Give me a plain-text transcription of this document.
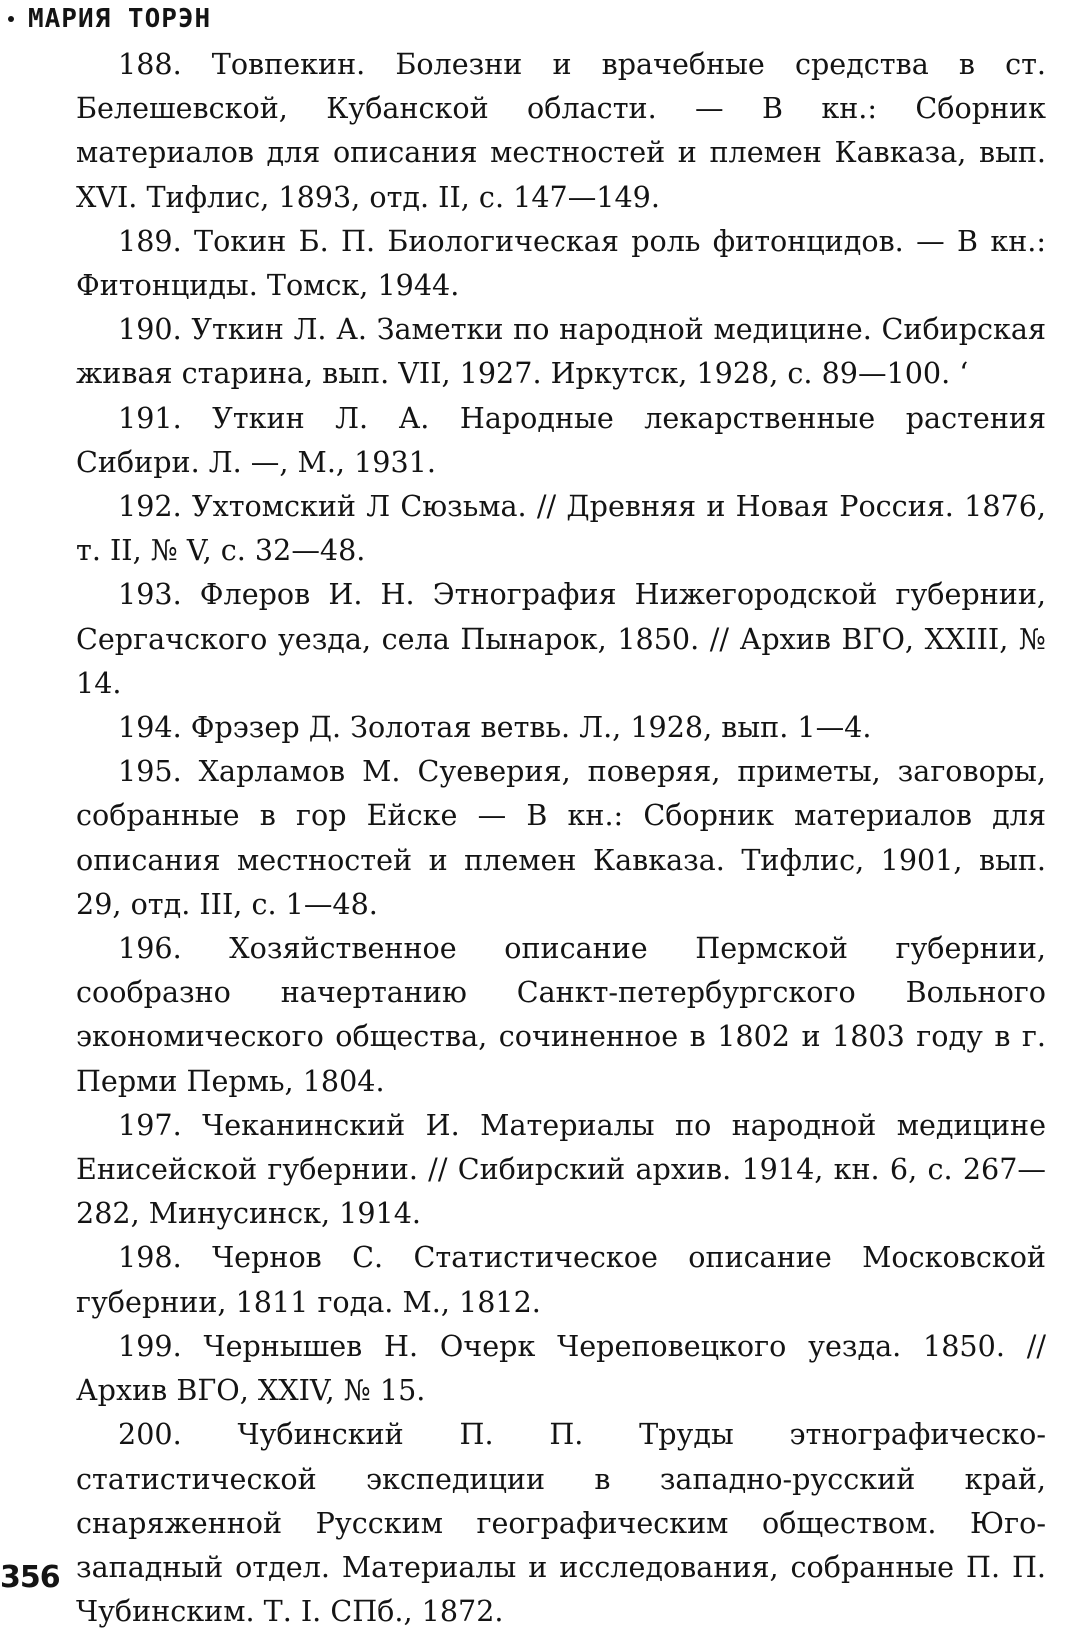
МАРИЯ ТОРЭН

188. Товпекин. Болезни и врачебные средства в ст. Белешевской, Кубанской области. — В кн.: Сборник материалов для описания местностей и племен Кавказа, вып. XVI. Тифлис, 1893, отд. II, с. 147—149.

189. Токин Б. П. Биологическая роль фитонцидов. — В кн.: Фитонциды. Томск, 1944.

190. Уткин Л. А. Заметки по народной медицине. Сибирская живая старина, вып. VII, 1927. Иркутск, 1928, с. 89—100. ‘

191. Уткин Л. А. Народные лекарственные растения Сибири. Л. —, М., 1931.

192. Ухтомский Л Сюзьма. // Древняя и Новая Россия. 1876, т. II, № V, с. 32—48.

193. Флеров И. Н. Этнография Нижегородской губернии, Сергачского уезда, села Пынарок, 1850. // Архив ВГО, XXIII, № 14.

194. Фрэзер Д. Золотая ветвь. Л., 1928, вып. 1—4.

195. Харламов М. Суеверия, поверяя, приметы, заговоры, собранные в гор Ейске — В кн.: Сборник материалов для описания местностей и племен Кавказа. Тифлис, 1901, вып. 29, отд. III, с. 1—48.

196. Хозяйственное описание Пермской губернии, сообразно начертанию Санкт-петербургского Вольного экономического общества, сочиненное в 1802 и 1803 году в г. Перми Пермь, 1804.

197. Чеканинский И. Материалы по народной медицине Енисейской губернии. // Сибирский архив. 1914, кн. 6, с. 267—282, Минусинск, 1914.

198. Чернов С. Статистическое описание Московской губернии, 1811 года. М., 1812.

199. Чернышев Н. Очерк Череповецкого уезда. 1850. // Архив ВГО, XXIV, № 15.

200. Чубинский П. П. Труды этнографическо-статистической экспедиции в западно-русский край, снаряженной Русским географическим обществом. Юго-западный отдел. Материалы и исследования, собранные П. П. Чубинским. Т. I. СПб., 1872.

356
